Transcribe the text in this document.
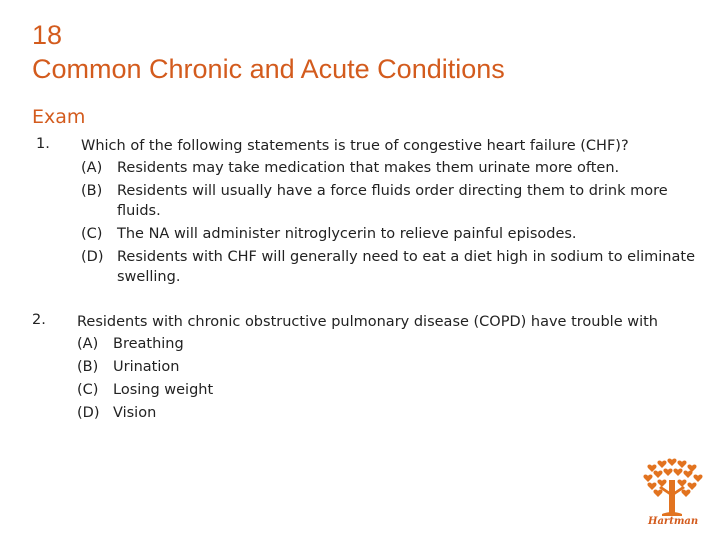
18
Common Chronic and Acute Conditions
Exam
1. Which of the following statements is true of congestive heart failure (CHF)?
(A)	Residents may take medication that makes them urinate more often.
(B)	Residents will usually have a force fluids order directing them to drink more fluids.
(C)	The NA will administer nitroglycerin to relieve painful episodes.
(D) Residents with CHF will generally need to eat a diet high in sodium to eliminate swelling.
2. Residents with chronic obstructive pulmonary disease (COPD) have trouble with
(A)	Breathing
(B)	Urination
(C)	Losing weight
(D) Vision
Hartman
